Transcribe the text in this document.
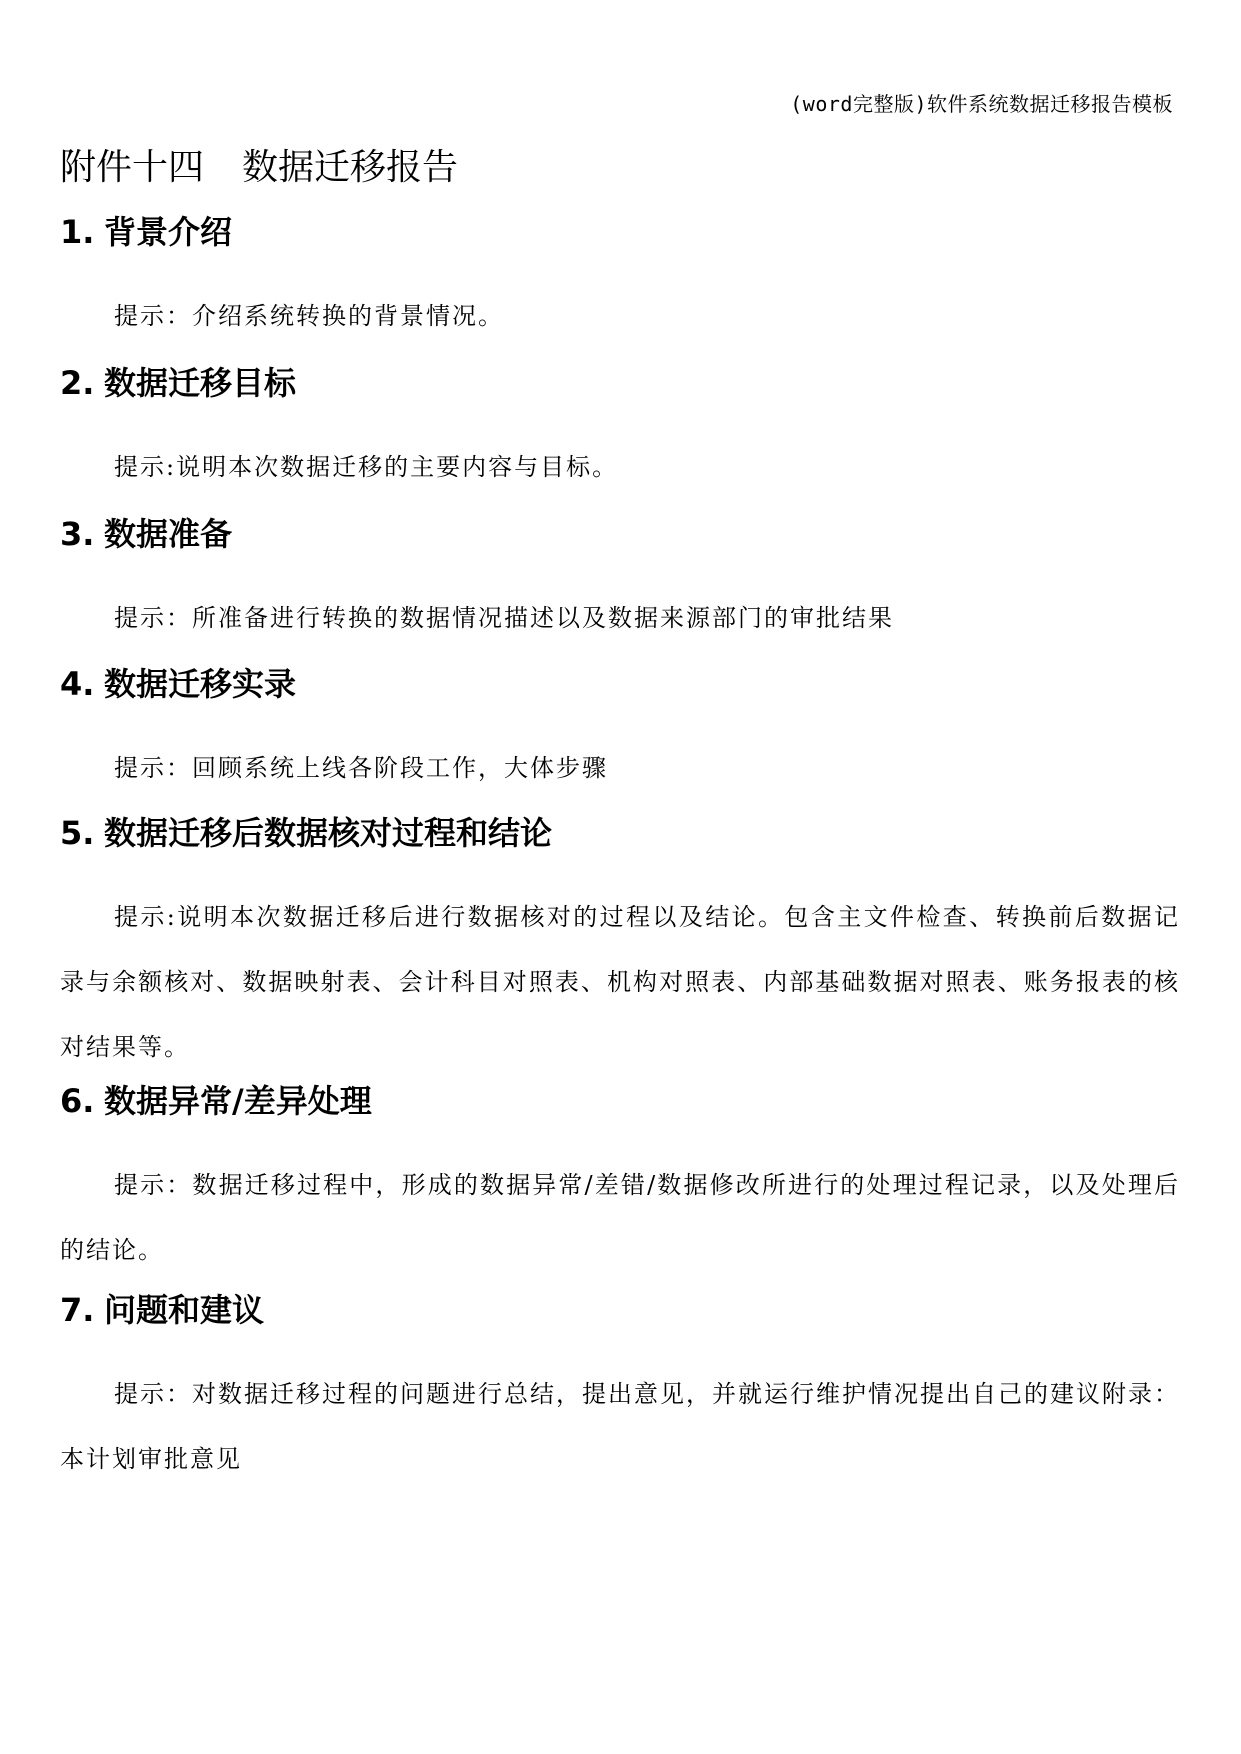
(word完整版)软件系统数据迁移报告模板
附件十四 数据迁移报告
1. 背景介绍

提示：介绍系统转换的背景情况。

2. 数据迁移目标

提示:说明本次数据迁移的主要内容与目标。

3. 数据准备

提示：所准备进行转换的数据情况描述以及数据来源部门的审批结果

4. 数据迁移实录

提示：回顾系统上线各阶段工作，大体步骤

5. 数据迁移后数据核对过程和结论

提示:说明本次数据迁移后进行数据核对的过程以及结论。包含主文件检查、转换前后数据记录与余额核对、数据映射表、会计科目对照表、机构对照表、内部基础数据对照表、账务报表的核对结果等。

6. 数据异常/差异处理

提示：数据迁移过程中，形成的数据异常/差错/数据修改所进行的处理过程记录，以及处理后的结论。

7. 问题和建议

提示：对数据迁移过程的问题进行总结，提出意见，并就运行维护情况提出自己的建议附录：本计划审批意见
